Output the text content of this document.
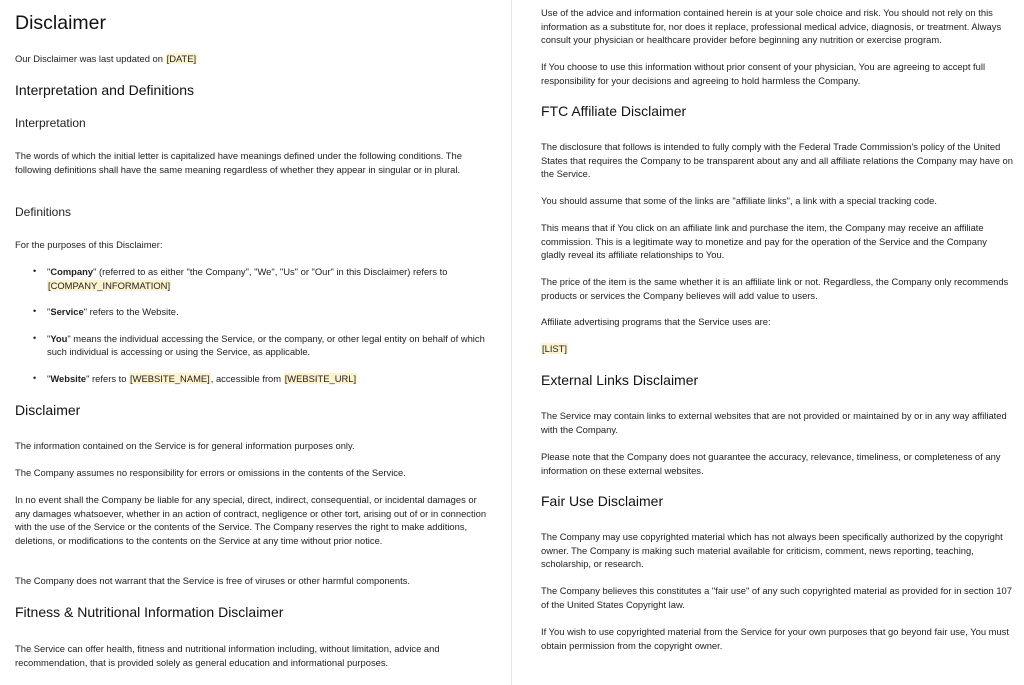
Disclaimer

Our Disclaimer was last updated on [DATE]

Interpretation and Definitions
Interpretation

The words of which the initial letter is capitalized have meanings defined under the following conditions. The following definitions shall have the same meaning regardless of whether they appear in singular or in plural.

Definitions

For the purposes of this Disclaimer:

• "Company" (referred to as either "the Company", "We", "Us" or "Our" in this Disclaimer) refers to [COMPANY_INFORMATION]

• "Service" refers to the Website.

• "You" means the individual accessing the Service, or the company, or other legal entity on behalf of which such individual is accessing or using the Service, as applicable.

• "Website" refers to [WEBSITE_NAME], accessible from [WEBSITE_URL]

Disclaimer

The information contained on the Service is for general information purposes only.

The Company assumes no responsibility for errors or omissions in the contents of the Service.

In no event shall the Company be liable for any special, direct, indirect, consequential, or incidental damages or any damages whatsoever, whether in an action of contract, negligence or other tort, arising out of or in connection with the use of the Service or the contents of the Service. The Company reserves the right to make additions, deletions, or modifications to the contents on the Service at any time without prior notice.

The Company does not warrant that the Service is free of viruses or other harmful components.

Fitness & Nutritional Information Disclaimer

The Service can offer health, fitness and nutritional information including, without limitation, advice and recommendation, that is provided solely as general education and informational purposes.

Use of the advice and information contained herein is at your sole choice and risk. You should not rely on this information as a substitute for, nor does it replace, professional medical advice, diagnosis, or treatment. Always consult your physician or healthcare provider before beginning any nutrition or exercise program.

If You choose to use this information without prior consent of your physician, You are agreeing to accept full responsibility for your decisions and agreeing to hold harmless the Company.

FTC Affiliate Disclaimer

The disclosure that follows is intended to fully comply with the Federal Trade Commission's policy of the United States that requires the Company to be transparent about any and all affiliate relations the Company may have on the Service.

You should assume that some of the links are "affiliate links", a link with a special tracking code.

This means that if You click on an affiliate link and purchase the item, the Company may receive an affiliate commission. This is a legitimate way to monetize and pay for the operation of the Service and the Company gladly reveal its affiliate relationships to You.

The price of the item is the same whether it is an affiliate link or not. Regardless, the Company only recommends products or services the Company believes will add value to users.

Affiliate advertising programs that the Service uses are:

[LIST]

External Links Disclaimer

The Service may contain links to external websites that are not provided or maintained by or in any way affiliated with the Company.

Please note that the Company does not guarantee the accuracy, relevance, timeliness, or completeness of any information on these external websites.

Fair Use Disclaimer

The Company may use copyrighted material which has not always been specifically authorized by the copyright owner. The Company is making such material available for criticism, comment, news reporting, teaching, scholarship, or research.

The Company believes this constitutes a "fair use" of any such copyrighted material as provided for in section 107 of the United States Copyright law.

If You wish to use copyrighted material from the Service for your own purposes that go beyond fair use, You must obtain permission from the copyright owner.
